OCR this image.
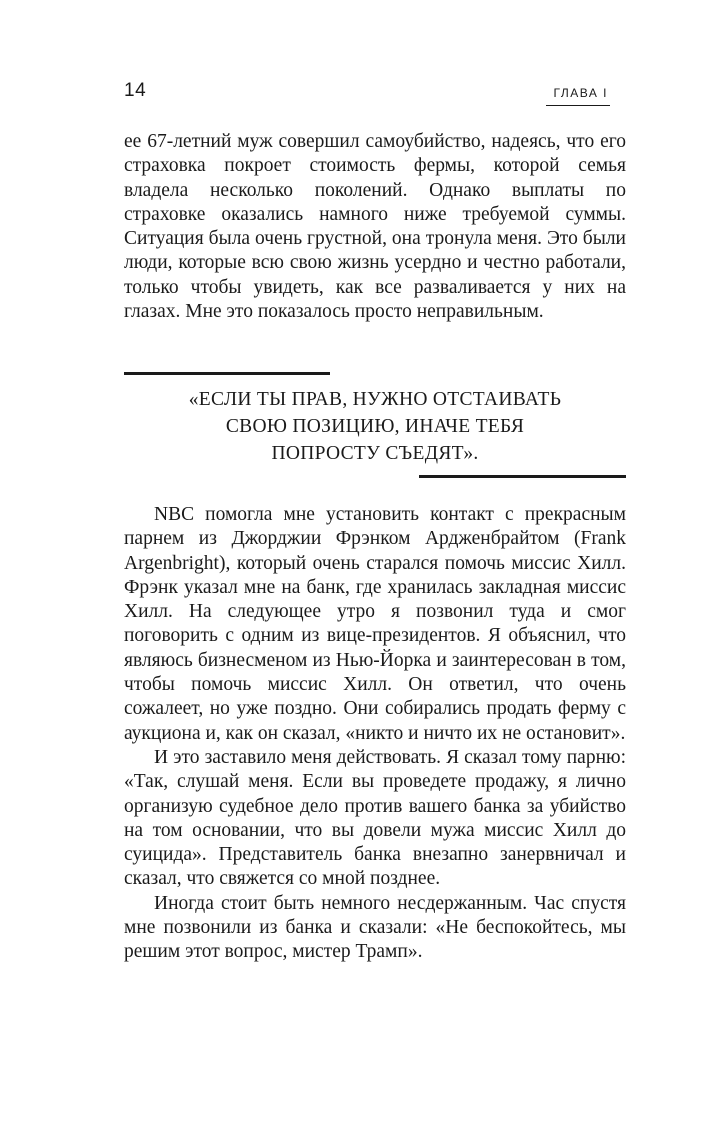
14	ГЛАВА I

ее 67-летний муж совершил самоубийство, надеясь, что его страховка покроет стоимость фермы, которой семья владела несколько поколений. Однако выплаты по страховке оказались намного ниже требуемой суммы. Ситуация была очень грустной, она тронула меня. Это были люди, которые всю свою жизнь усердно и честно работали, только чтобы увидеть, как все разваливается у них на глазах. Мне это показалось просто неправильным.

«ЕСЛИ ТЫ ПРАВ, НУЖНО ОТСТАИВАТЬ
СВОЮ ПОЗИЦИЮ, ИНАЧЕ ТЕБЯ
ПОПРОСТУ СЪЕДЯТ».

NBC помогла мне установить контакт с прекрасным парнем из Джорджии Фрэнком Ардженбрайтом (Frank Argenbright), который очень старался помочь миссис Хилл. Фрэнк указал мне на банк, где хранилась закладная миссис Хилл. На следующее утро я позвонил туда и смог поговорить с одним из вице-президентов. Я объяснил, что являюсь бизнесменом из Нью-Йорка и заинтересован в том, чтобы помочь миссис Хилл. Он ответил, что очень сожалеет, но уже поздно. Они собирались продать ферму с аукциона и, как он сказал, «никто и ничто их не остановит».

И это заставило меня действовать. Я сказал тому парню: «Так, слушай меня. Если вы проведете продажу, я лично организую судебное дело против вашего банка за убийство на том основании, что вы довели мужа миссис Хилл до суицида». Представитель банка внезапно занервничал и сказал, что свяжется со мной позднее.

Иногда стоит быть немного несдержанным. Час спустя мне позвонили из банка и сказали: «Не беспокойтесь, мы решим этот вопрос, мистер Трамп».
